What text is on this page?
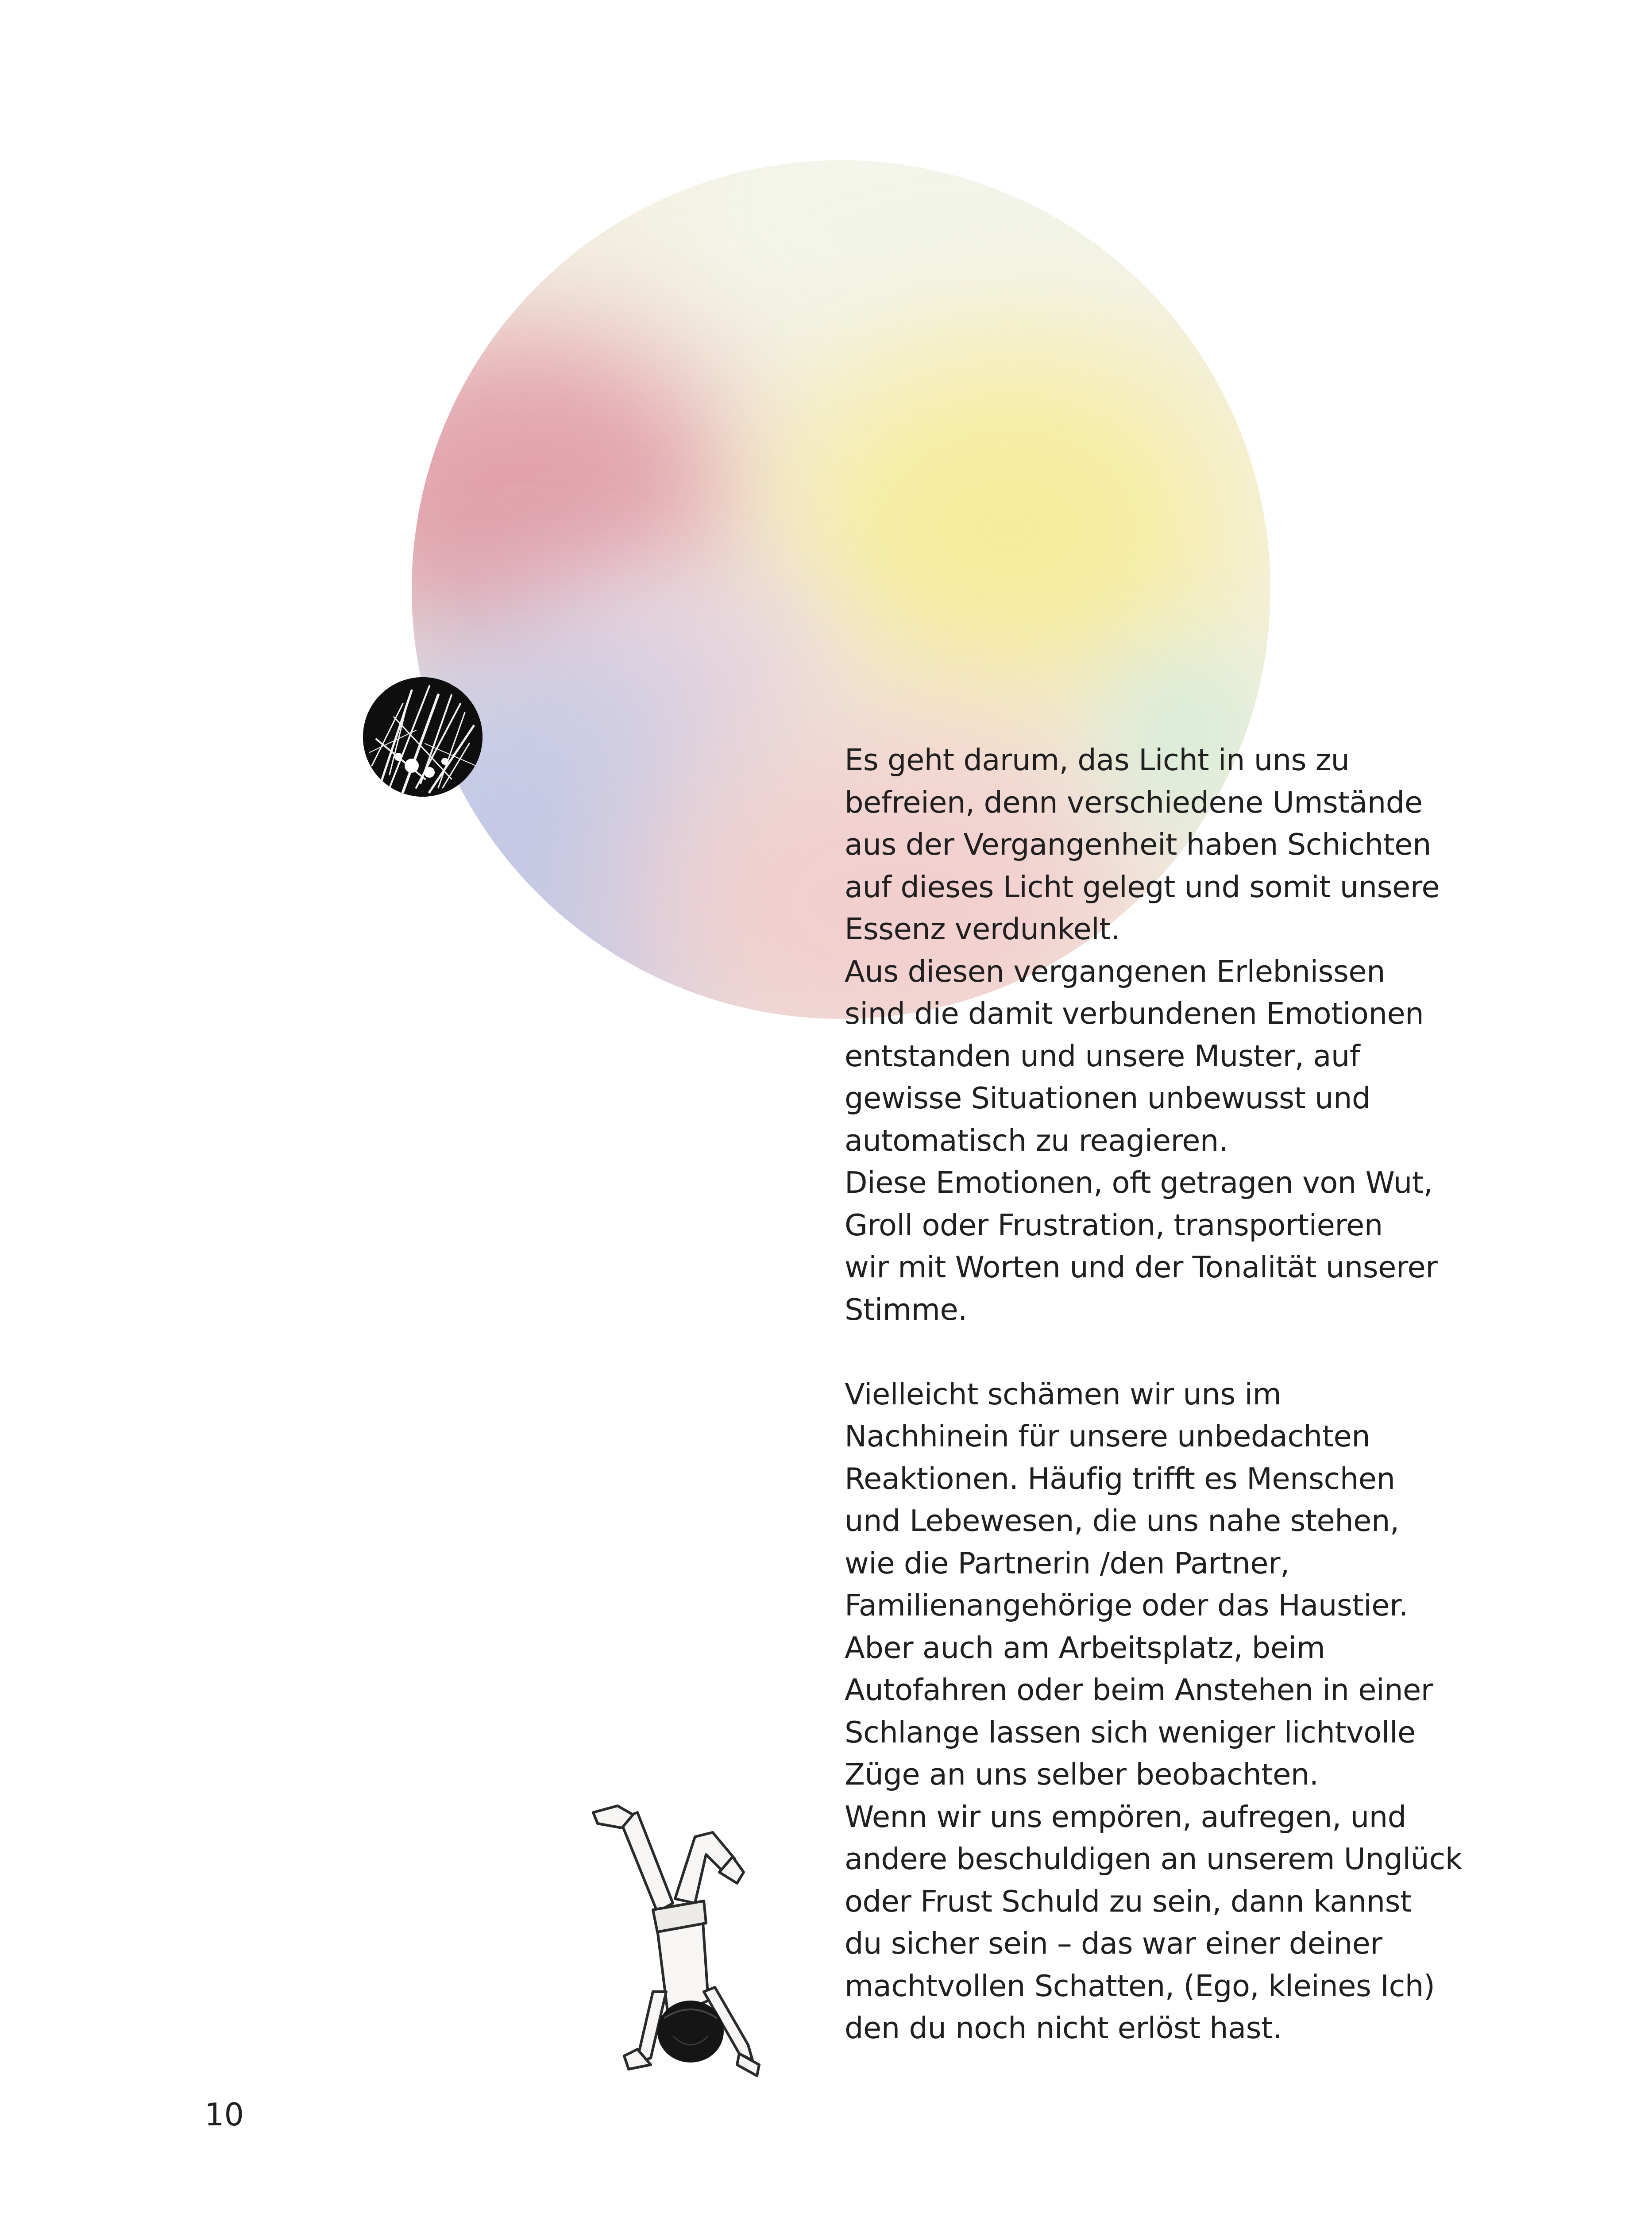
Es geht darum, das Licht in uns zu
befreien, denn verschiedene Umstände
aus der Vergangenheit haben Schichten
auf dieses Licht gelegt und somit unsere
Essenz verdunkelt.

Aus diesen vergangenen Erlebnissen
sind die damit verbundenen Emotionen
entstanden und unsere Muster, auf
gewisse Situationen unbewusst und
automatisch zu reagieren.

Diese Emotionen, oft getragen von Wut,
Groll oder Frustration, transportieren
wir mit Worten und der Tonalität unserer
Stimme.

Vielleicht schämen wir uns im
Nachhinein für unsere unbedachten
Reaktionen. Häufig trifft es Menschen
und Lebewesen, die uns nahe stehen,
wie die Partnerin /den Partner,
Familienangehörige oder das Haustier.
Aber auch am Arbeitsplatz, beim
Autofahren oder beim Anstehen in einer
Schlange lassen sich weniger lichtvolle
Züge an uns selber beobachten.

Wenn wir uns empören, aufregen, und
andere beschuldigen an unserem Unglück
oder Frust Schuld zu sein, dann kannst
du sicher sein – das war einer deiner
machtvollen Schatten, (Ego, kleines Ich)
den du noch nicht erlöst hast.

10
